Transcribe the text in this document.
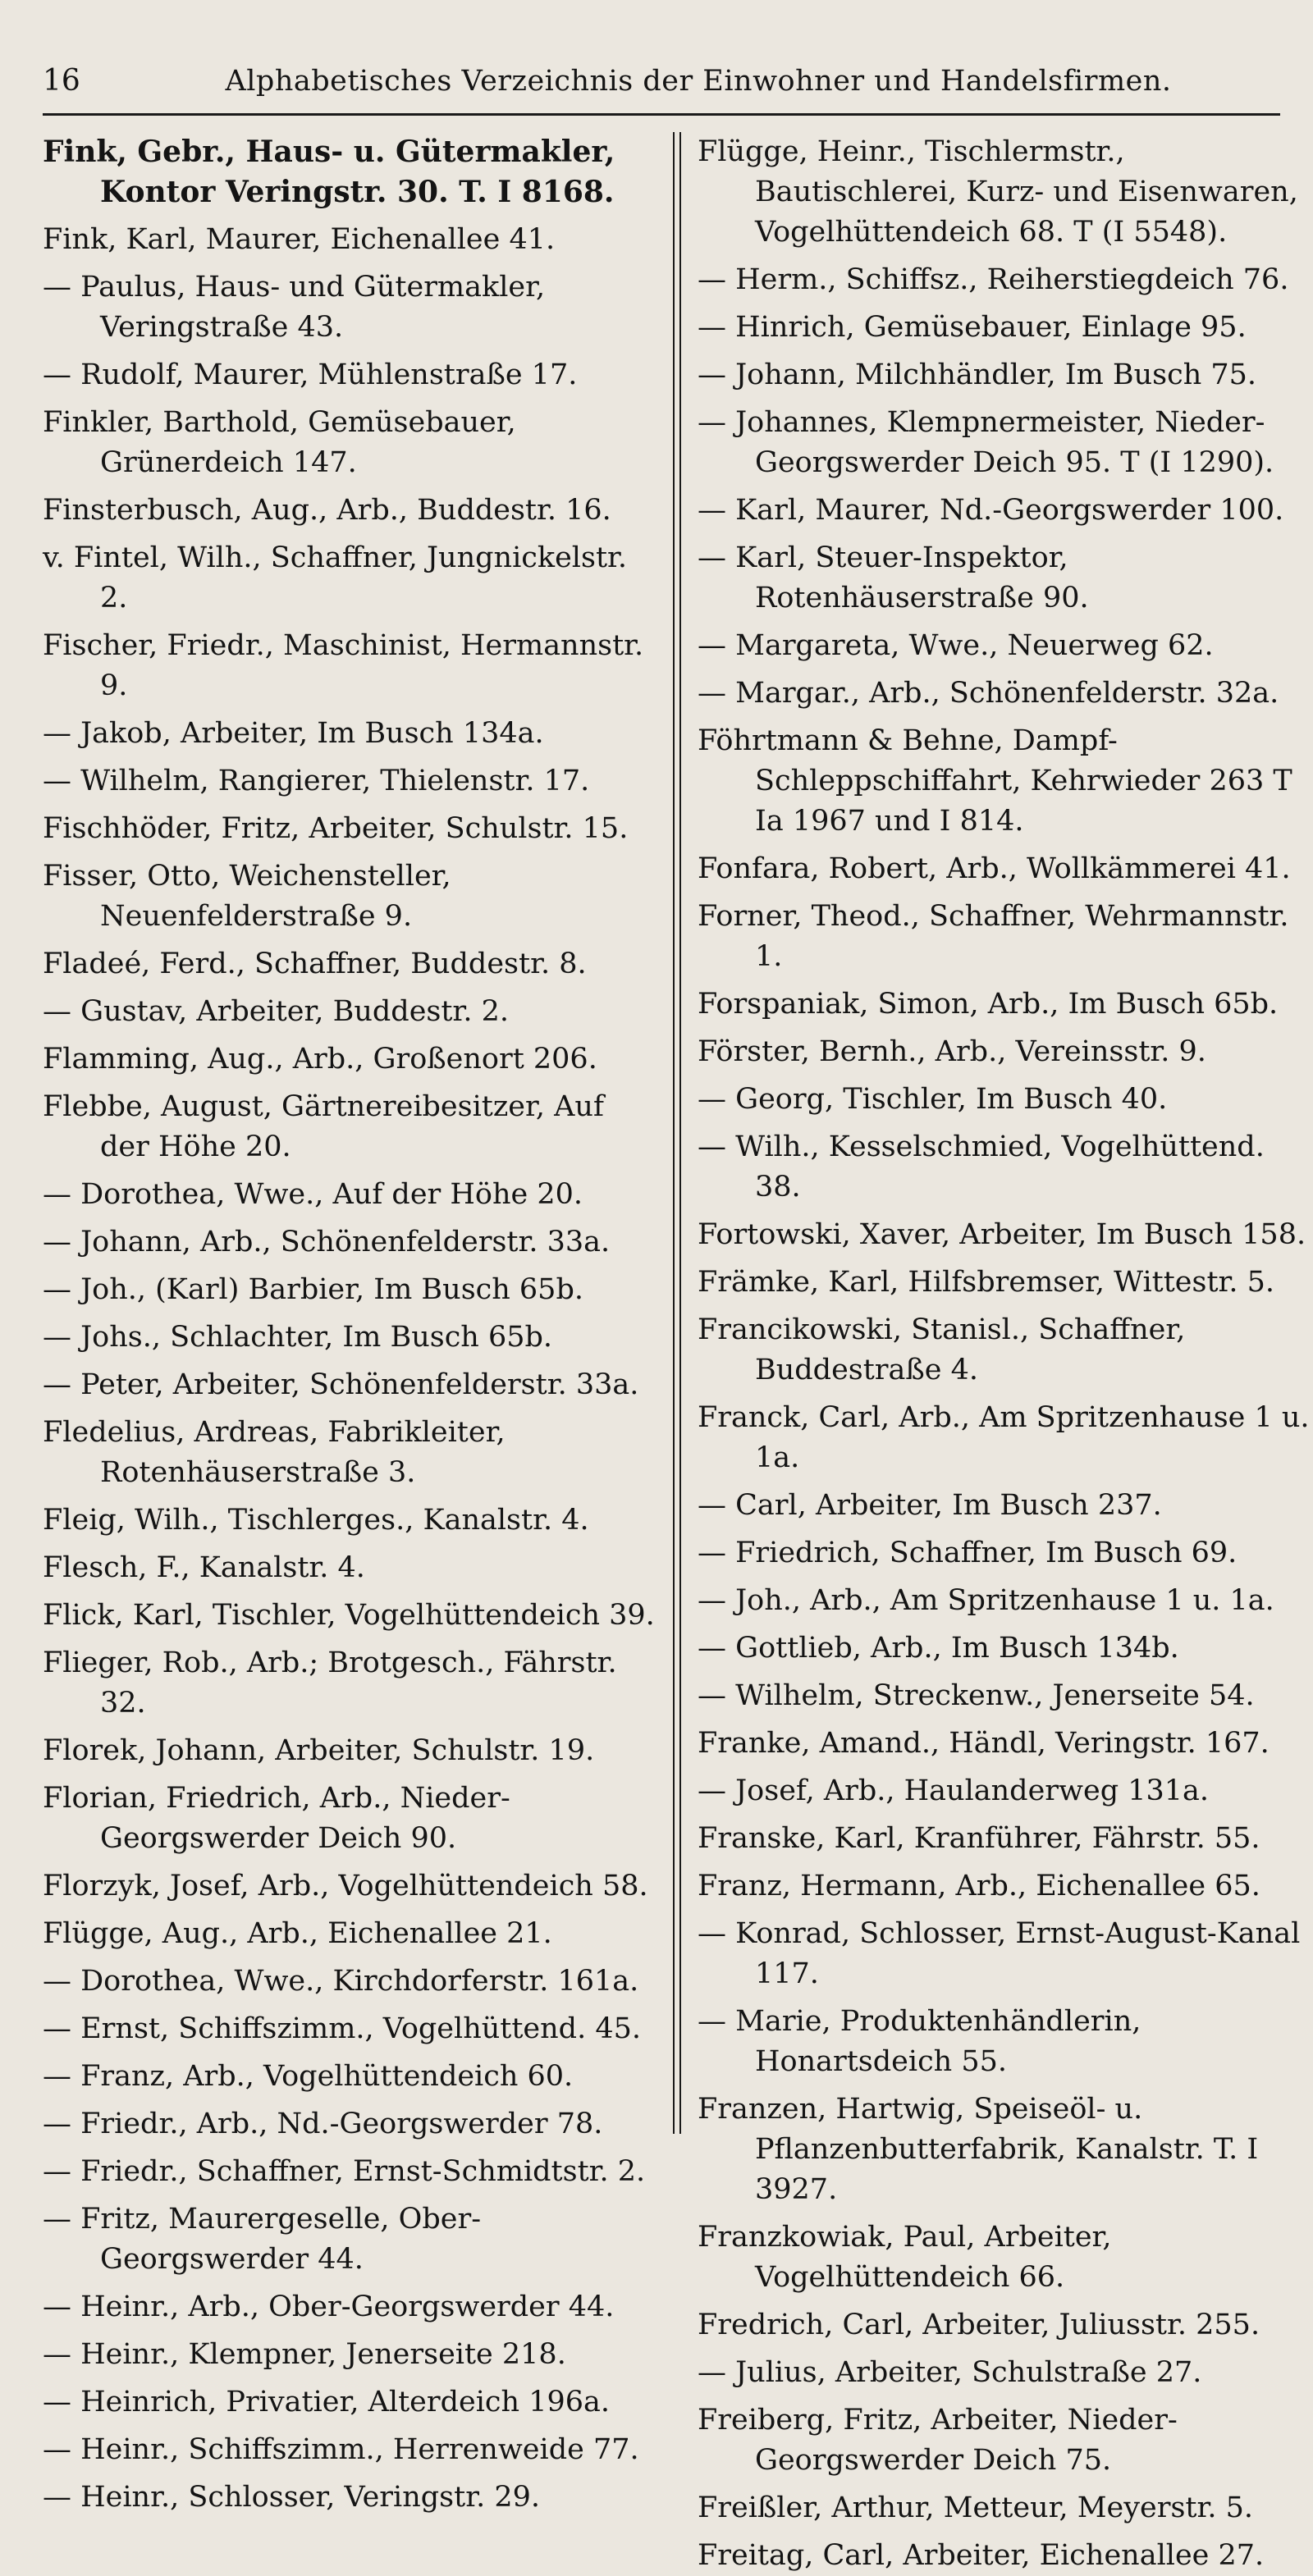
16	Alphabetisches Verzeichnis der Einwohner und Handelsfirmen.
Fink, Gebr., Haus- u. Gütermakler, Kontor Veringstr. 30. T. I 8168.
Fink, Karl, Maurer, Eichenallee 41.
— Paulus, Haus- und Gütermakler, Veringstraße 43.
— Rudolf, Maurer, Mühlenstraße 17.
Finkler, Barthold, Gemüsebauer, Grünerdeich 147.
Finsterbusch, Aug., Arb., Buddestr. 16.
v. Fintel, Wilh., Schaffner, Jungnickelstr. 2.
Fischer, Friedr., Maschinist, Hermannstr. 9.
— Jakob, Arbeiter, Im Busch 134a.
— Wilhelm, Rangierer, Thielenstr. 17.
Fischhöder, Fritz, Arbeiter, Schulstr. 15.
Fisser, Otto, Weichensteller, Neuenfelderstraße 9.
Fladeé, Ferd., Schaffner, Buddestr. 8.
— Gustav, Arbeiter, Buddestr. 2.
Flamming, Aug., Arb., Großenort 206.
Flebbe, August, Gärtnereibesitzer, Auf der Höhe 20.
— Dorothea, Wwe., Auf der Höhe 20.
— Johann, Arb., Schönenfelderstr. 33a.
— Joh., (Karl) Barbier, Im Busch 65b.
— Johs., Schlachter, Im Busch 65b.
— Peter, Arbeiter, Schönenfelderstr. 33a.
Fledelius, Ardreas, Fabrikleiter, Rotenhäuserstraße 3.
Fleig, Wilh., Tischlerges., Kanalstr. 4.
Flesch, F., Kanalstr. 4.
Flick, Karl, Tischler, Vogelhüttendeich 39.
Flieger, Rob., Arb.; Brotgesch., Fährstr. 32.
Florek, Johann, Arbeiter, Schulstr. 19.
Florian, Friedrich, Arb., Nieder-Georgswerder Deich 90.
Florzyk, Josef, Arb., Vogelhüttendeich 58.
Flügge, Aug., Arb., Eichenallee 21.
— Dorothea, Wwe., Kirchdorferstr. 161a.
— Ernst, Schiffszimm., Vogelhüttend. 45.
— Franz, Arb., Vogelhüttendeich 60.
— Friedr., Arb., Nd.-Georgswerder 78.
— Friedr., Schaffner, Ernst-Schmidtstr. 2.
— Fritz, Maurergeselle, Ober-Georgswerder 44.
— Heinr., Arb., Ober-Georgswerder 44.
— Heinr., Klempner, Jenerseite 218.
— Heinrich, Privatier, Alterdeich 196a.
— Heinr., Schiffszimm., Herrenweide 77.
— Heinr., Schlosser, Veringstr. 29.
Flügge, Heinr., Tischlermstr., Bautischlerei, Kurz- und Eisenwaren, Vogelhüttendeich 68. T (I 5548).
— Herm., Schiffsz., Reiherstiegdeich 76.
— Hinrich, Gemüsebauer, Einlage 95.
— Johann, Milchhändler, Im Busch 75.
— Johannes, Klempnermeister, Nieder-Georgswerder Deich 95. T (I 1290).
— Karl, Maurer, Nd.-Georgswerder 100.
— Karl, Steuer-Inspektor, Rotenhäuserstraße 90.
— Margareta, Wwe., Neuerweg 62.
— Margar., Arb., Schönenfelderstr. 32a.
Föhrtmann & Behne, Dampf-Schleppschiffahrt, Kehrwieder 263 T Ia 1967 und I 814.
Fonfara, Robert, Arb., Wollkämmerei 41.
Forner, Theod., Schaffner, Wehrmannstr. 1.
Forspaniak, Simon, Arb., Im Busch 65b.
Förster, Bernh., Arb., Vereinsstr. 9.
— Georg, Tischler, Im Busch 40.
— Wilh., Kesselschmied, Vogelhüttend. 38.
Fortowski, Xaver, Arbeiter, Im Busch 158.
Främke, Karl, Hilfsbremser, Wittestr. 5.
Francikowski, Stanisl., Schaffner, Buddestraße 4.
Franck, Carl, Arb., Am Spritzenhause 1 u. 1a.
— Carl, Arbeiter, Im Busch 237.
— Friedrich, Schaffner, Im Busch 69.
— Joh., Arb., Am Spritzenhause 1 u. 1a.
— Gottlieb, Arb., Im Busch 134b.
— Wilhelm, Streckenw., Jenerseite 54.
Franke, Amand., Händl, Veringstr. 167.
— Josef, Arb., Haulanderweg 131a.
Franske, Karl, Kranführer, Fährstr. 55.
Franz, Hermann, Arb., Eichenallee 65.
— Konrad, Schlosser, Ernst-August-Kanal 117.
— Marie, Produktenhändlerin, Honartsdeich 55.
Franzen, Hartwig, Speiseöl- u. Pflanzenbutterfabrik, Kanalstr. T. I 3927.
Franzkowiak, Paul, Arbeiter, Vogelhüttendeich 66.
Fredrich, Carl, Arbeiter, Juliusstr. 255.
— Julius, Arbeiter, Schulstraße 27.
Freiberg, Fritz, Arbeiter, Nieder-Georgswerder Deich 75.
Freißler, Arthur, Metteur, Meyerstr. 5.
Freitag, Carl, Arbeiter, Eichenallee 27.
